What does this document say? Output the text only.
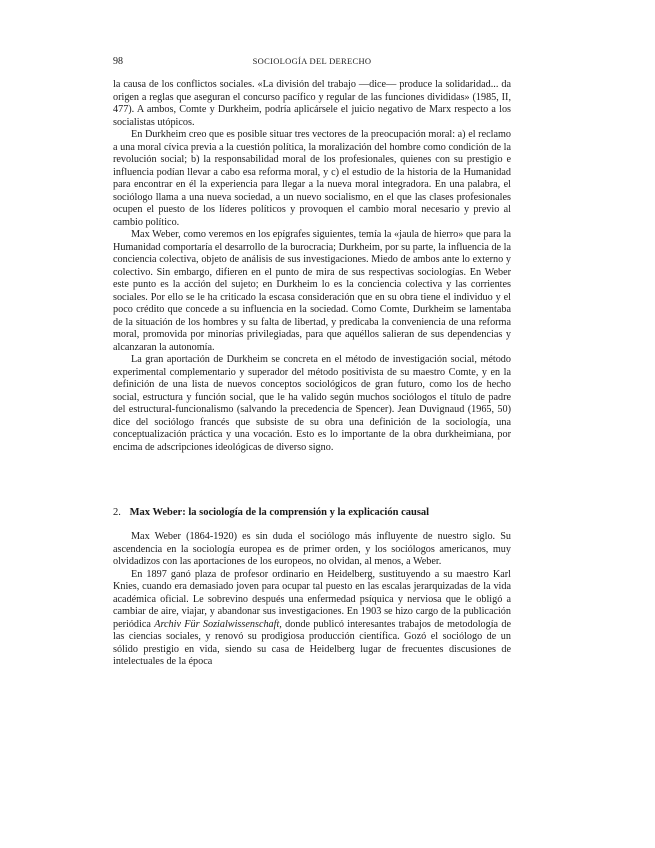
98	SOCIOLOGÍA DEL DERECHO

la causa de los conflictos sociales. «La división del trabajo —dice— produce la solidaridad... da origen a reglas que aseguran el concurso pacífico y regular de las funciones divididas» (1985, II, 477). A ambos, Comte y Durkheim, podría aplicársele el juicio negativo de Marx respecto a los socialistas utópicos.

En Durkheim creo que es posible situar tres vectores de la preocupación moral: a) el reclamo a una moral cívica previa a la cuestión política, la moralización del hombre como condición de la revolución social; b) la responsabilidad moral de los profesionales, quienes con su prestigio e influencia podían llevar a cabo esa reforma moral, y c) el estudio de la historia de la Humanidad para encontrar en él la experiencia para llegar a la nueva moral integradora. En una palabra, el sociólogo llama a una nueva sociedad, a un nuevo socialismo, en el que las clases profesionales ocupen el puesto de los líderes políticos y provoquen el cambio moral necesario y previo al cambio político.

Max Weber, como veremos en los epígrafes siguientes, temía la «jaula de hierro» que para la Humanidad comportaría el desarrollo de la burocracia; Durkheim, por su parte, la influencia de la conciencia colectiva, objeto de análisis de sus investigaciones. Miedo de ambos ante lo externo y colectivo. Sin embargo, difieren en el punto de mira de sus respectivas sociologías. En Weber este punto es la acción del sujeto; en Durkheim lo es la conciencia colectiva y las corrientes sociales. Por ello se le ha criticado la escasa consideración que en su obra tiene el individuo y el poco crédito que concede a su influencia en la sociedad. Como Comte, Durkheim se lamentaba de la situación de los hombres y su falta de libertad, y predicaba la conveniencia de una reforma moral, promovida por minorías privilegiadas, para que aquéllos salieran de sus dependencias y alcanzaran la autonomía.

La gran aportación de Durkheim se concreta en el método de investigación social, método experimental complementario y superador del método positivista de su maestro Comte, y en la definición de una lista de nuevos conceptos sociológicos de gran futuro, como los de hecho social, estructura y función social, que le ha valido según muchos sociólogos el título de padre del estructural-funcionalismo (salvando la precedencia de Spencer). Jean Duvignaud (1965, 50) dice del sociólogo francés que subsiste de su obra una definición de la sociología, una conceptualización práctica y una vocación. Esto es lo importante de la obra durkheimiana, por encima de adscripciones ideológicas de diverso signo.

2. Max Weber: la sociología de la comprensión y la explicación causal

Max Weber (1864-1920) es sin duda el sociólogo más influyente de nuestro siglo. Su ascendencia en la sociología europea es de primer orden, y los sociólogos americanos, muy olvidadizos con las aportaciones de los europeos, no olvidan, al menos, a Weber.

En 1897 ganó plaza de profesor ordinario en Heidelberg, sustituyendo a su maestro Karl Knies, cuando era demasiado joven para ocupar tal puesto en las escalas jerarquizadas de la vida académica oficial. Le sobrevino después una enfermedad psíquica y nerviosa que le obligó a cambiar de aire, viajar, y abandonar sus investigaciones. En 1903 se hizo cargo de la publicación periódica Archiv Für Sozialwissenschaft, donde publicó interesantes trabajos de metodología de las ciencias sociales, y renovó su prodigiosa producción científica. Gozó el sociólogo de un sólido prestigio en vida, siendo su casa de Heidelberg lugar de frecuentes discusiones de intelectuales de la época
